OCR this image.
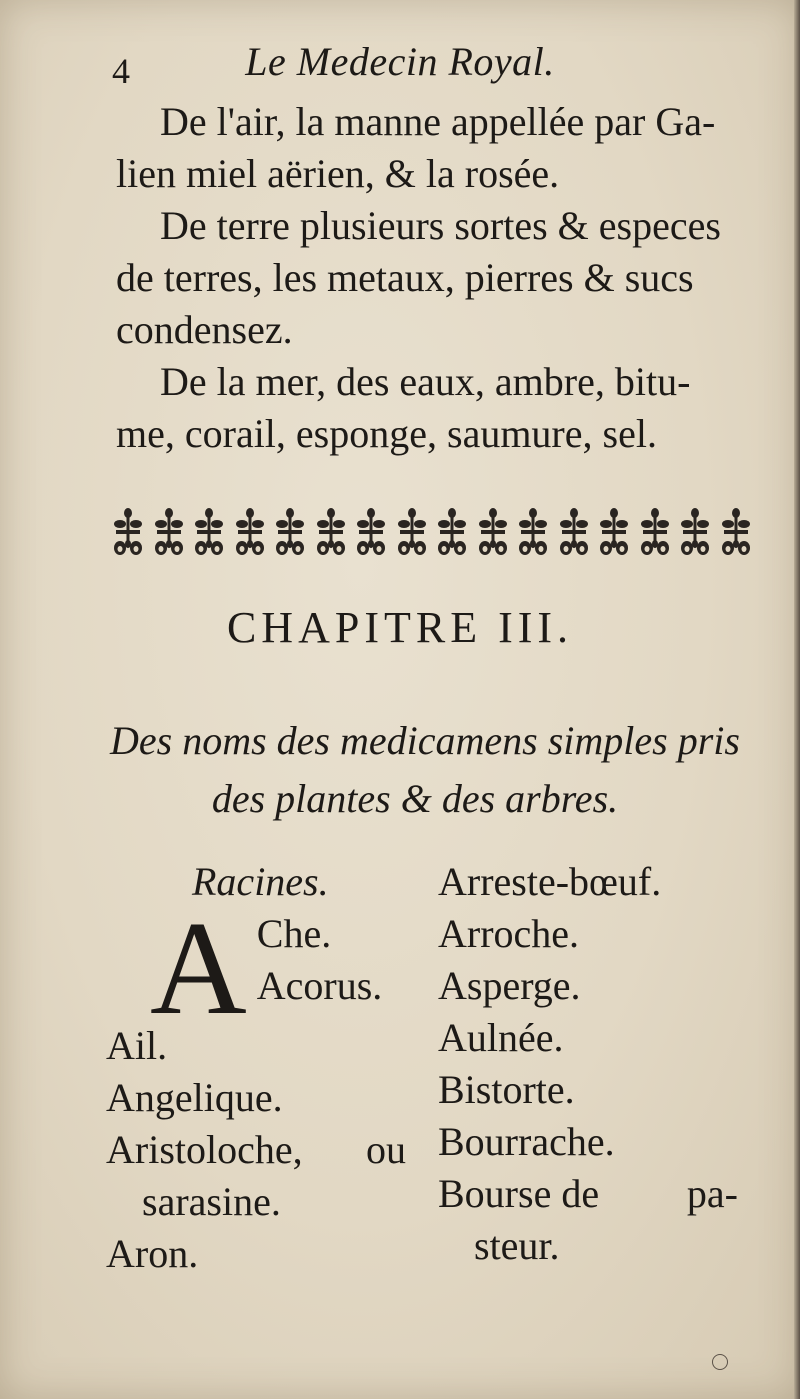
4	Le Medecin Royal.
De l'air, la manne appellée par Ga-
lien miel aërien, & la rosée.
De terre plusieurs sortes & especes
de terres, les metaux, pierres & sucs
condensez.
De la mer, des eaux, ambre, bitu-
me, corail, esponge, saumure, sel.
CHAPITRE III.
Des noms des medicamens simples pris
des plantes & des arbres.
Racines.
A Che.
Acorus.
Ail.
Angelique.
Aristoloche, ou
sarasine.
Aron.
Arreste-bœuf.
Arroche.
Asperge.
Aulnée.
Bistorte.
Bourrache.
Bourse de pa-
steur.
